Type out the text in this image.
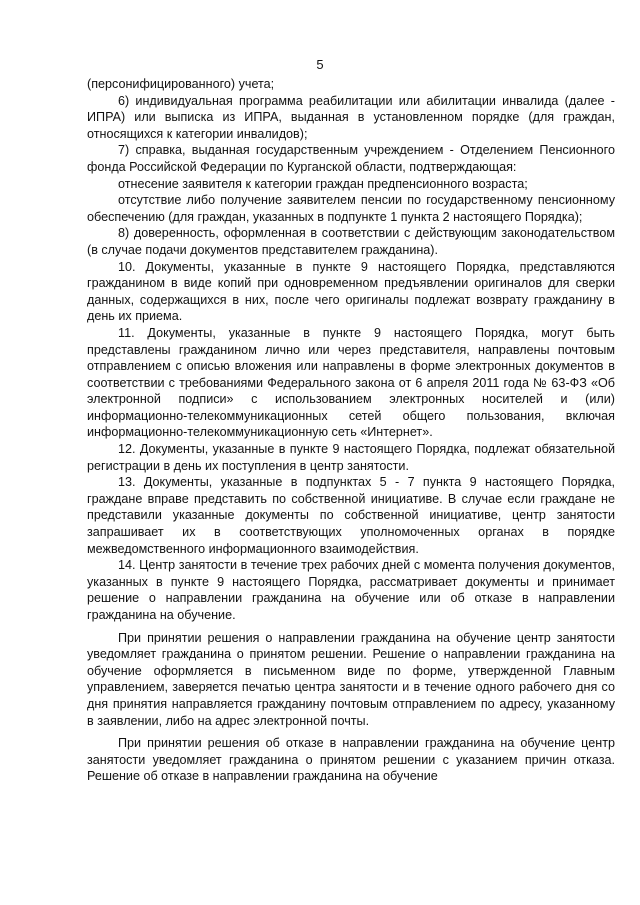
5

(персонифицированного) учета;

6) индивидуальная программа реабилитации или абилитации инвалида (далее - ИПРА) или выписка из ИПРА, выданная в установленном порядке (для граждан, относящихся к категории инвалидов);

7) справка, выданная государственным учреждением - Отделением Пенсионного фонда Российской Федерации по Курганской области, подтверждающая:

отнесение заявителя к категории граждан предпенсионного возраста;

отсутствие либо получение заявителем пенсии по государственному пенсионному обеспечению (для граждан, указанных в подпункте 1 пункта 2 настоящего Порядка);

8) доверенность, оформленная в соответствии с действующим законодательством (в случае подачи документов представителем гражданина).

10. Документы, указанные в пункте 9 настоящего Порядка, представляются гражданином в виде копий при одновременном предъявлении оригиналов для сверки данных, содержащихся в них, после чего оригиналы подлежат возврату гражданину в день их приема.

11. Документы, указанные в пункте 9 настоящего Порядка, могут быть представлены гражданином лично или через представителя, направлены почтовым отправлением с описью вложения или направлены в форме электронных документов в соответствии с требованиями Федерального закона от 6 апреля 2011 года № 63-ФЗ «Об электронной подписи» с использованием электронных носителей и (или) информационно-телекоммуникационных сетей общего пользования, включая информационно-телекоммуникационную сеть «Интернет».

12. Документы, указанные в пункте 9 настоящего Порядка, подлежат обязательной регистрации в день их поступления в центр занятости.

13. Документы, указанные в подпунктах 5 - 7 пункта 9 настоящего Порядка, граждане вправе представить по собственной инициативе. В случае если граждане не представили указанные документы по собственной инициативе, центр занятости запрашивает их в соответствующих уполномоченных органах в порядке межведомственного информационного взаимодействия.

14. Центр занятости в течение трех рабочих дней с момента получения документов, указанных в пункте 9 настоящего Порядка, рассматривает документы и принимает решение о направлении гражданина на обучение или об отказе в направлении гражданина на обучение.

При принятии решения о направлении гражданина на обучение центр занятости уведомляет гражданина о принятом решении. Решение о направлении гражданина на обучение оформляется в письменном виде по форме, утвержденной Главным управлением, заверяется печатью центра занятости и в течение одного рабочего дня со дня принятия направляется гражданину почтовым отправлением по адресу, указанному в заявлении, либо на адрес электронной почты.

При принятии решения об отказе в направлении гражданина на обучение центр занятости уведомляет гражданина о принятом решении с указанием причин отказа. Решение об отказе в направлении гражданина на обучение
